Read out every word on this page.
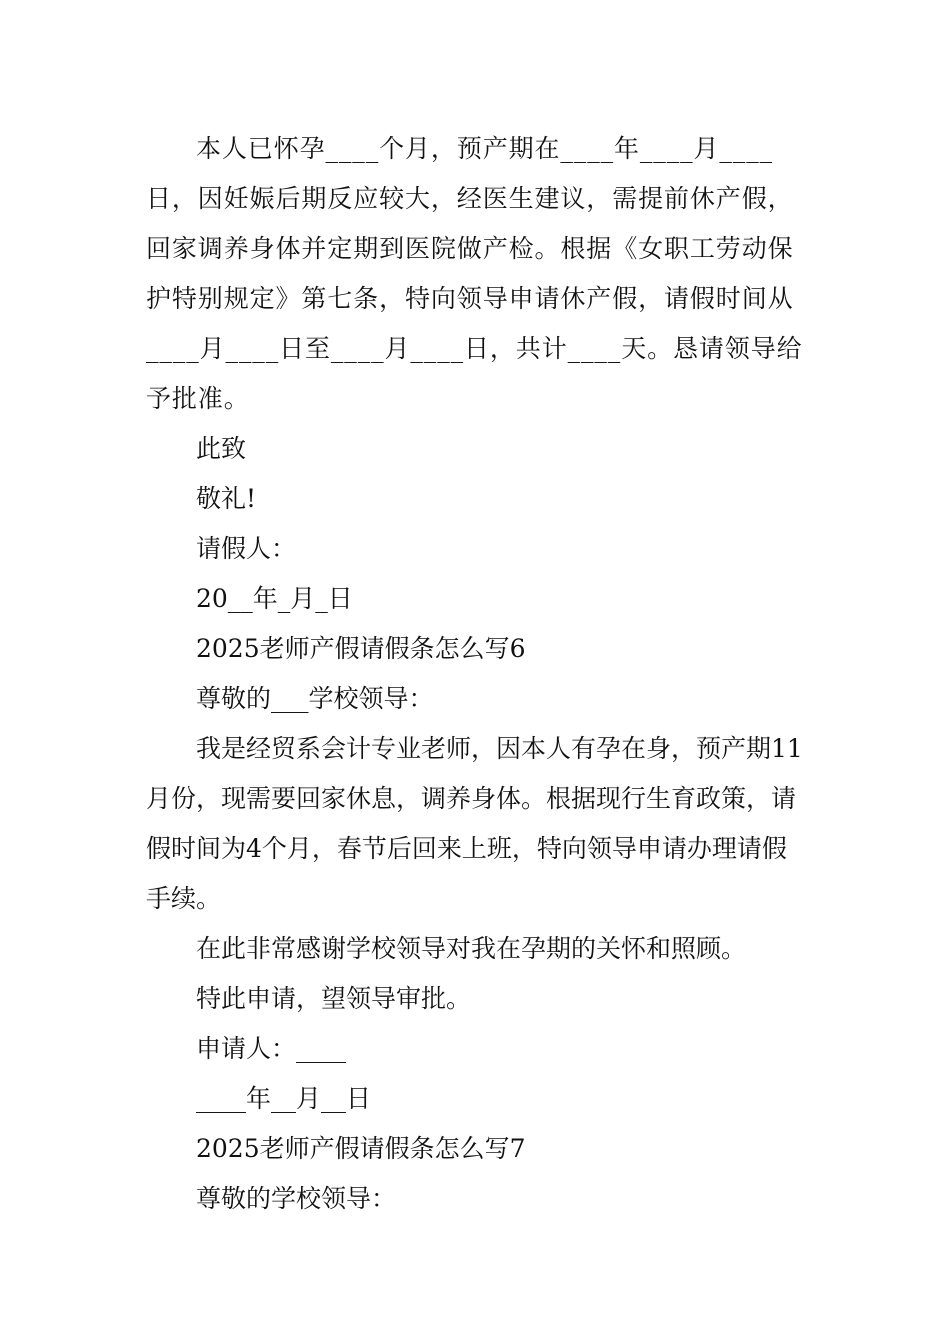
本人已怀孕____个月，预产期在____年____月____日，因妊娠后期反应较大，经医生建议，需提前休产假，回家调养身体并定期到医院做产检。根据《女职工劳动保护特别规定》第七条，特向领导申请休产假，请假时间从____月____日至____月____日，共计____天。恳请领导给予批准。

此致

敬礼!

请假人：

20__年_月_日

2025老师产假请假条怎么写6

尊敬的___学校领导：

我是经贸系会计专业老师，因本人有孕在身，预产期11月份，现需要回家休息，调养身体。根据现行生育政策，请假时间为4个月，春节后回来上班，特向领导申请办理请假手续。

在此非常感谢学校领导对我在孕期的关怀和照顾。

特此申请，望领导审批。

申请人：____

____年__月__日

2025老师产假请假条怎么写7

尊敬的学校领导：
